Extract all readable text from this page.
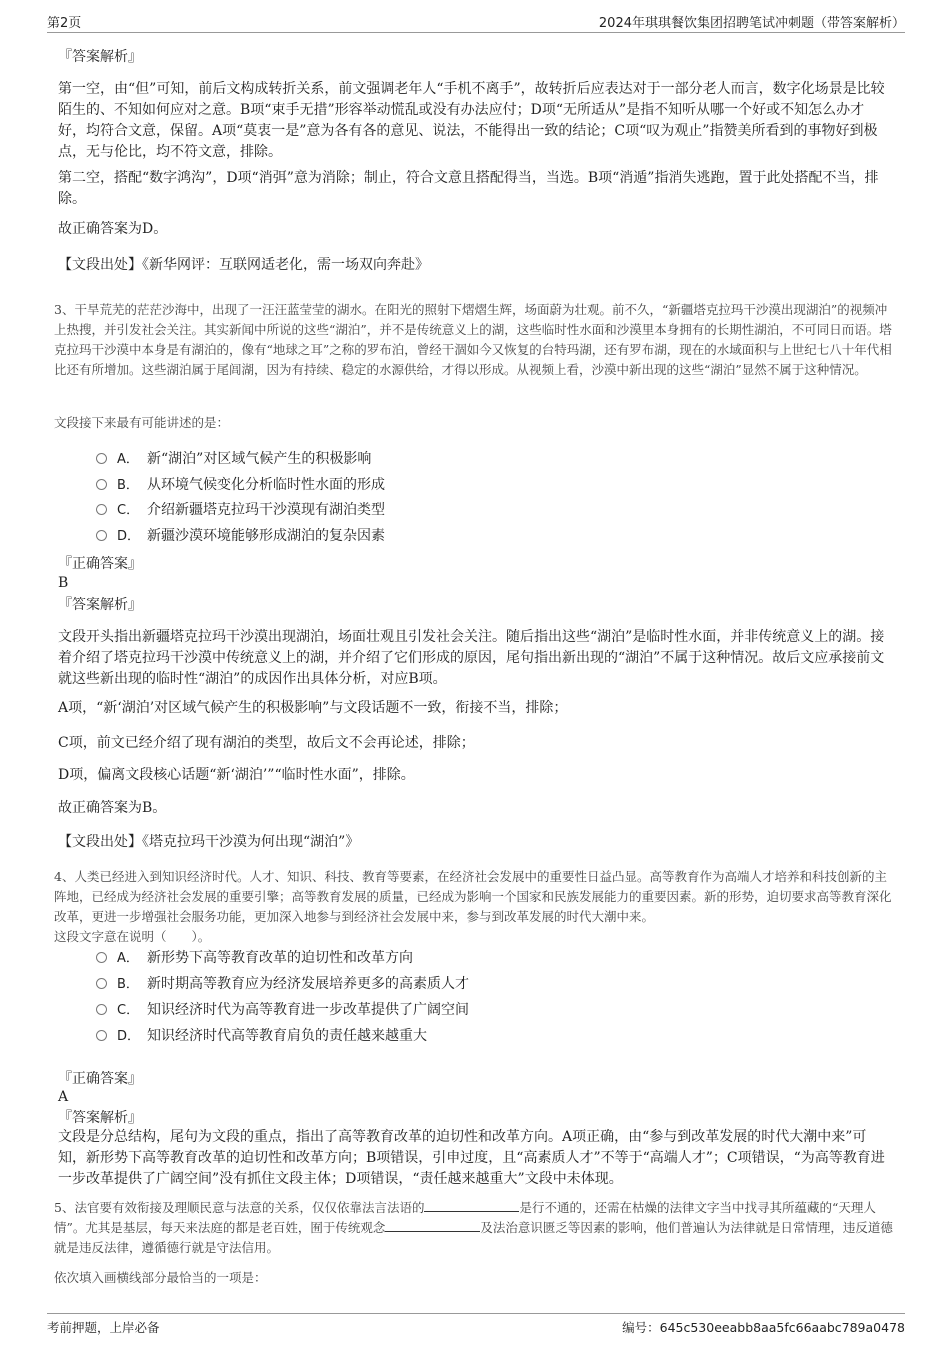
第2页	2024年琪琪餐饮集团招聘笔试冲刺题（带答案解析）
『答案解析』
第一空，由“但”可知，前后文构成转折关系，前文强调老年人“手机不离手”，故转折后应表达对于一部分老人而言，数字化场景是比较陌生的、不知如何应对之意。B项“束手无措”形容举动慌乱或没有办法应付；D项“无所适从”是指不知听从哪一个好或不知怎么办才好，均符合文意，保留。A项“莫衷一是”意为各有各的意见、说法，不能得出一致的结论；C项“叹为观止”指赞美所看到的事物好到极点，无与伦比，均不符文意，排除。
第二空，搭配“数字鸿沟”，D项“消弭”意为消除；制止，符合文意且搭配得当，当选。B项“消遁”指消失逃跑，置于此处搭配不当，排除。
故正确答案为D。
【文段出处】《新华网评：互联网适老化，需一场双向奔赴》
3、干旱荒芜的茫茫沙海中，出现了一汪汪蓝莹莹的湖水。在阳光的照射下熠熠生辉，场面蔚为壮观。前不久，“新疆塔克拉玛干沙漠出现湖泊”的视频冲上热搜，并引发社会关注。其实新闻中所说的这些“湖泊”，并不是传统意义上的湖，这些临时性水面和沙漠里本身拥有的长期性湖泊，不可同日而语。塔克拉玛干沙漠中本身是有湖泊的，像有“地球之耳”之称的罗布泊，曾经干涸如今又恢复的台特玛湖，还有罗布湖，现在的水域面积与上世纪七八十年代相比还有所增加。这些湖泊属于尾闾湖，因为有持续、稳定的水源供给，才得以形成。从视频上看，沙漠中新出现的这些“湖泊”显然不属于这种情况。
文段接下来最有可能讲述的是：
A． 新“湖泊”对区域气候产生的积极影响
B． 从环境气候变化分析临时性水面的形成
C． 介绍新疆塔克拉玛干沙漠现有湖泊类型
D． 新疆沙漠环境能够形成湖泊的复杂因素
『正确答案』
B
『答案解析』
文段开头指出新疆塔克拉玛干沙漠出现湖泊，场面壮观且引发社会关注。随后指出这些“湖泊”是临时性水面，并非传统意义上的湖。接着介绍了塔克拉玛干沙漠中传统意义上的湖，并介绍了它们形成的原因，尾句指出新出现的“湖泊”不属于这种情况。故后文应承接前文就这些新出现的临时性“湖泊”的成因作出具体分析，对应B项。
A项，“新‘湖泊’对区域气候产生的积极影响”与文段话题不一致，衔接不当，排除；
C项，前文已经介绍了现有湖泊的类型，故后文不会再论述，排除；
D项，偏离文段核心话题“新‘湖泊’”“临时性水面”，排除。
故正确答案为B。
【文段出处】《塔克拉玛干沙漠为何出现“湖泊”》
4、人类已经进入到知识经济时代。人才、知识、科技、教育等要素，在经济社会发展中的重要性日益凸显。高等教育作为高端人才培养和科技创新的主阵地，已经成为经济社会发展的重要引擎；高等教育发展的质量，已经成为影响一个国家和民族发展能力的重要因素。新的形势，迫切要求高等教育深化改革，更进一步增强社会服务功能，更加深入地参与到经济社会发展中来，参与到改革发展的时代大潮中来。
这段文字意在说明（　　）。
A． 新形势下高等教育改革的迫切性和改革方向
B． 新时期高等教育应为经济发展培养更多的高素质人才
C． 知识经济时代为高等教育进一步改革提供了广阔空间
D． 知识经济时代高等教育肩负的责任越来越重大
『正确答案』
A
『答案解析』
文段是分总结构，尾句为文段的重点，指出了高等教育改革的迫切性和改革方向。A项正确，由“参与到改革发展的时代大潮中来”可知，新形势下高等教育改革的迫切性和改革方向；B项错误，引申过度，且“高素质人才”不等于“高端人才”；C项错误，“为高等教育进一步改革提供了广阔空间”没有抓住文段主体；D项错误，“责任越来越重大”文段中未体现。
5、法官要有效衔接及理顺民意与法意的关系，仅仅依靠法言法语的	是行不通的，还需在枯燥的法律文字当中找寻其所蕴藏的“天理人情”。尤其是基层，每天来法庭的都是老百姓，囿于传统观念	及法治意识匮乏等因素的影响，他们普遍认为法律就是日常情理，违反道德就是违反法律，遵循德行就是守法信用。
依次填入画横线部分最恰当的一项是：
考前押题，上岸必备	编号：645c530eeabb8aa5fc66aabc789a0478
